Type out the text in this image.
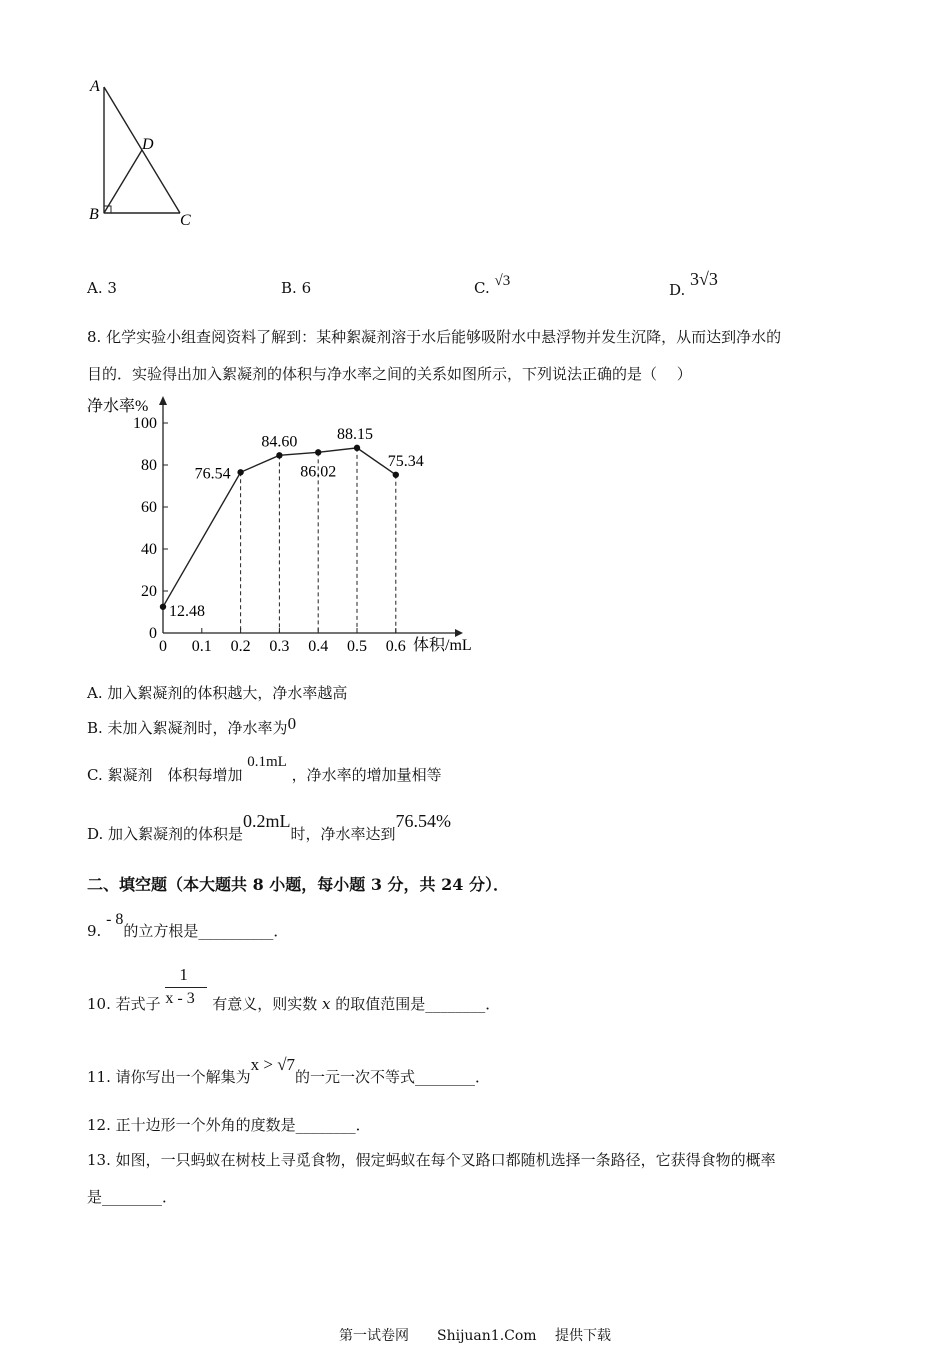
A
D
B	C
A. 3	B. 6	C. √3	D. 3√3
8. 化学实验小组查阅资料了解到：某种絮凝剂溶于水后能够吸附水中悬浮物并发生沉降，从而达到净水的
目的．实验得出加入絮凝剂的体积与净水率之间的关系如图所示，下列说法正确的是（　 ）
净水率%
体积/mL
0
20
40
60
80
100
0 0.1 0.2 0.3 0.4 0.5 0.6
12.48
76.54
84.60
86.02
88.15
75.34
A. 加入絮凝剂的体积越大，净水率越高
B. 未加入絮凝剂时，净水率为0
C. 絮凝剂　体积每增加 0.1mL ，净水率的增加量相等
D. 加入絮凝剂的体积是0.2mL时，净水率达到76.54%
二、填空题（本大题共 8 小题，每小题 3 分，共 24 分）．
9. - 8的立方根是__________．
10. 若式子 $\frac{1}{x - 3}$ 有意义，则实数 x 的取值范围是________．
11. 请你写出一个解集为x > √7的一元一次不等式________．
12. 正十边形一个外角的度数是________．
13. 如图，一只蚂蚁在树枝上寻觅食物，假定蚂蚁在每个叉路口都随机选择一条路径，它获得食物的概率
是________．
第一试卷网　　Shijuan1.Com　 提供下载
